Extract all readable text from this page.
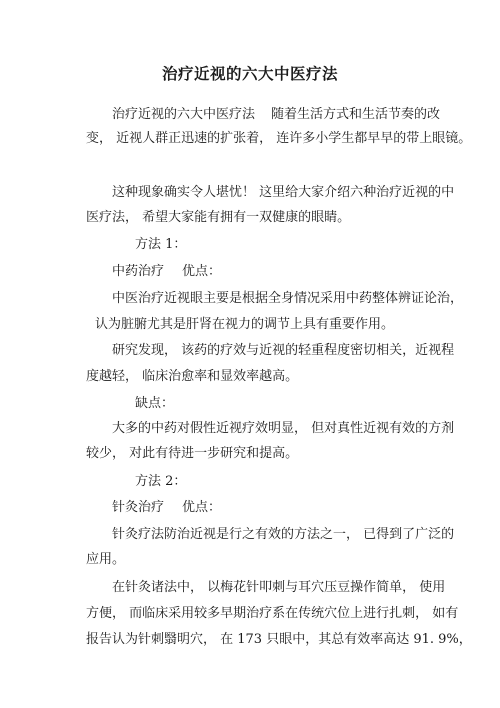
治疗近视的六大中医疗法
治疗近视的六大中医疗法 随着生活方式和生活节奏的改
变， 近视人群正迅速的扩张着， 连许多小学生都早早的带上眼镜。
这种现象确实令人堪忧！ 这里给大家介绍六种治疗近视的中
医疗法， 希望大家能有拥有一双健康的眼睛。
方法 1：
中药治疗 优点：
中医治疗近视眼主要是根据全身情况采用中药整体辨证论治，
认为脏腑尤其是肝肾在视力的调节上具有重要作用。
研究发现， 该药的疗效与近视的轻重程度密切相关，近视程
度越轻， 临床治愈率和显效率越高。
缺点：
大多的中药对假性近视疗效明显， 但对真性近视有效的方剂
较少， 对此有待进一步研究和提高。
方法 2：
针灸治疗 优点：
针灸疗法防治近视是行之有效的方法之一， 已得到了广泛的
应用。
在针灸诸法中， 以梅花针叩刺与耳穴压豆操作简单， 使用
方便， 而临床采用较多早期治疗系在传统穴位上进行扎刺， 如有
报告认为针刺翳明穴， 在 173 只眼中，其总有效率高达 91. 9%，
